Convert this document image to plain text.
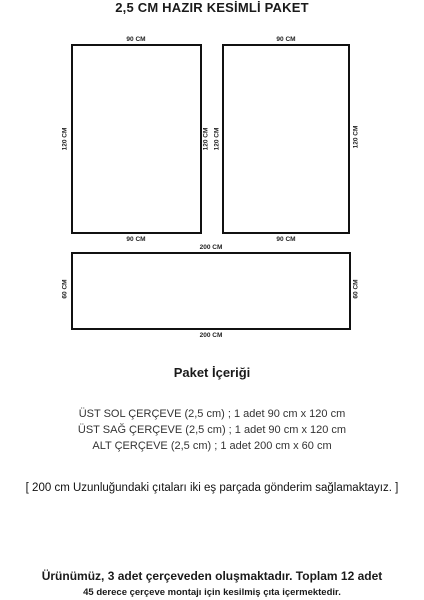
2,5 CM HAZIR KESİMLİ PAKET
90 CM
90 CM
120 CM	120 CM
90 CM
90 CM
120 CM	120 CM
200 CM
200 CM
60 CM	60 CM
Paket İçeriği
ÜST SOL ÇERÇEVE (2,5 cm) ; 1 adet 90 cm x 120 cm
ÜST SAĞ ÇERÇEVE (2,5 cm) ; 1 adet 90 cm x 120 cm
ALT ÇERÇEVE (2,5 cm) ; 1 adet 200 cm x 60 cm
[ 200 cm Uzunluğundaki çıtaları iki eş parçada gönderim sağlamaktayız. ]
Ürünümüz, 3 adet çerçeveden oluşmaktadır. Toplam 12 adet
45 derece çerçeve montajı için kesilmiş çıta içermektedir.
